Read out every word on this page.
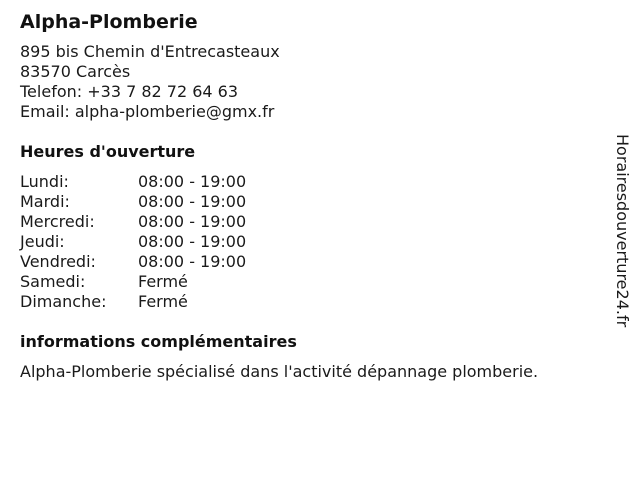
Alpha-Plomberie
895 bis Chemin d'Entrecasteaux
83570 Carcès
Telefon: +33 7 82 72 64 63
Email: alpha-plomberie@gmx.fr
Heures d'ouverture
Lundi:	08:00 - 19:00
Mardi:	08:00 - 19:00
Mercredi:	08:00 - 19:00
Jeudi:	08:00 - 19:00
Vendredi:	08:00 - 19:00
Samedi:	Fermé
Dimanche:	Fermé
informations complémentaires
Alpha-Plomberie spécialisé dans l'activité dépannage plomberie.
Horairesdouverture24.fr
